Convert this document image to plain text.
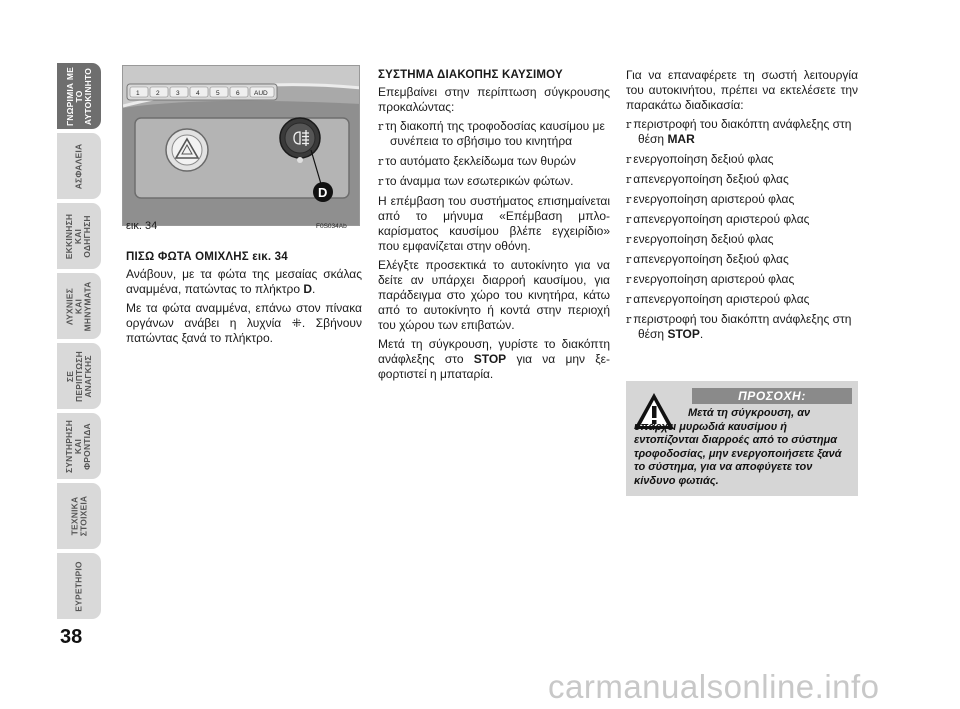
ΓΝΩΡΙΜΙΑ ΜΕ
ΤΟ
ΑΥΤΟΚΙΝΗΤΟ
ΑΣΦΑΛΕΙΑ
ΕΚΚΙΝΗΣΗ
ΚΑΙ
ΟΔΗΓΗΣΗ
ΛΥΧΝΙΕΣ
ΚΑΙ
ΜΗΝΥΜΑΤΑ
ΣΕ
ΠΕΡΙΠΤΩΣΗ
ΑΝΑΓΚΗΣ
ΣΥΝΤΗΡΗΣΗ
ΚΑΙ
ΦΡΟΝΤΙΔΑ
ΤΕΧΝΙΚΑ
ΣΤΟΙΧΕΙΑ
ΕΥΡΕΤΗΡΙΟ
38
1	2	3	4	5	6 AUD
D
εικ. 34	F0S034Ab
ΠΙΣΩ ΦΩΤΑ ΟΜΙΧΛΗΣ εικ. 34
Ανάβουν, με τα φώτα της μεσαίας σκάλας αναμμένα, πατώντας το πλήκτρο D.
Με τα φώτα αναμμένα, επάνω στον πίνακα οργάνων ανάβει η λυχνία ⁜. Σβήνουν πατώντας ξανά το πλήκτρο.
ΣΥΣΤΗΜΑ ΔΙΑΚΟΠΗΣ ΚΑΥΣΙΜΟΥ
Επεμβαίνει στην περίπτωση σύγκρουσης προκαλώντας:
r τη διακοπή της τροφοδοσίας καυσίμου με συνέπεια το σβήσιμο του κινητήρα
r το αυτόματο ξεκλείδωμα των θυρών
r το άναμμα των εσωτερικών φώτων.
Η επέμβαση του συστήματος επισημαίνεται από το μήνυμα «Επέμβαση μπλοκαρίσματος καυσίμου βλέπε εγχειρίδιο» που εμφανίζεται στην οθόνη.
Ελέγξτε προσεκτικά το αυτοκίνητο για να δείτε αν υπάρχει διαρροή καυσίμου, για παράδειγμα στο χώρο του κινητήρα, κάτω από το αυτοκίνητο ή κοντά στην περιοχή του χώρου των επιβατών.
Μετά τη σύγκρουση, γυρίστε το διακόπτη ανάφλεξης στο STOP για να μην ξεφορτιστεί η μπαταρία.
Για να επαναφέρετε τη σωστή λειτουργία του αυτοκινήτου, πρέπει να εκτελέσετε την παρακάτω διαδικασία:
r περιστροφή του διακόπτη ανάφλεξης στη θέση MAR
r ενεργοποίηση δεξιού φλας
r απενεργοποίηση δεξιού φλας
r ενεργοποίηση αριστερού φλας
r απενεργοποίηση αριστερού φλας
r ενεργοποίηση δεξιού φλας
r απενεργοποίηση δεξιού φλας
r ενεργοποίηση αριστερού φλας
r απενεργοποίηση αριστερού φλας
r περιστροφή του διακόπτη ανάφλεξης στη θέση STOP.
ΠΡΟΣΟΧΗ:
Μετά τη σύγκρουση, αν υπάρχει μυρωδιά καυσίμου ή εντοπίζονται διαρροές από το σύστημα τροφοδοσίας, μην ενεργοποιήσετε ξανά το σύστημα, για να αποφύγετε τον κίνδυνο φωτιάς.
carmanualsonline.info
